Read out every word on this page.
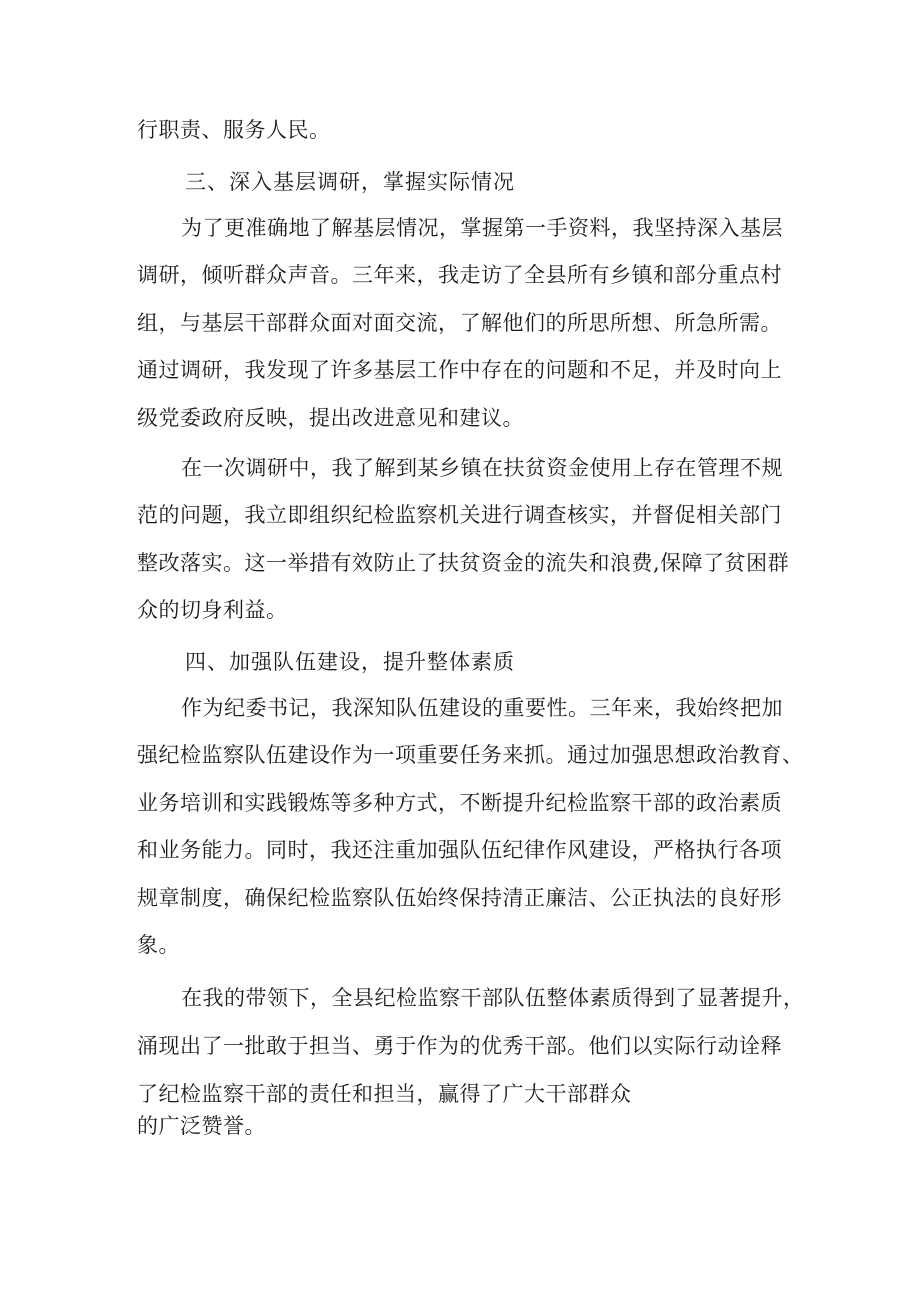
行职责、服务人民。
三、深入基层调研，掌握实际情况
为了更准确地了解基层情况，掌握第一手资料，我坚持深入基层
调研，倾听群众声音。三年来，我走访了全县所有乡镇和部分重点村
组，与基层干部群众面对面交流，了解他们的所思所想、所急所需。
通过调研，我发现了许多基层工作中存在的问题和不足，并及时向上
级党委政府反映，提出改进意见和建议。
在一次调研中，我了解到某乡镇在扶贫资金使用上存在管理不规
范的问题，我立即组织纪检监察机关进行调查核实，并督促相关部门
整改落实。这一举措有效防止了扶贫资金的流失和浪费,保障了贫困群
众的切身利益。
四、加强队伍建设，提升整体素质
作为纪委书记，我深知队伍建设的重要性。三年来，我始终把加
强纪检监察队伍建设作为一项重要任务来抓。通过加强思想政治教育、
业务培训和实践锻炼等多种方式，不断提升纪检监察干部的政治素质
和业务能力。同时，我还注重加强队伍纪律作风建设，严格执行各项
规章制度，确保纪检监察队伍始终保持清正廉洁、公正执法的良好形
象。
在我的带领下，全县纪检监察干部队伍整体素质得到了显著提升，
涌现出了一批敢于担当、勇于作为的优秀干部。他们以实际行动诠释
了纪检监察干部的责任和担当，赢得了广大干部群众
的广泛赞誉。
